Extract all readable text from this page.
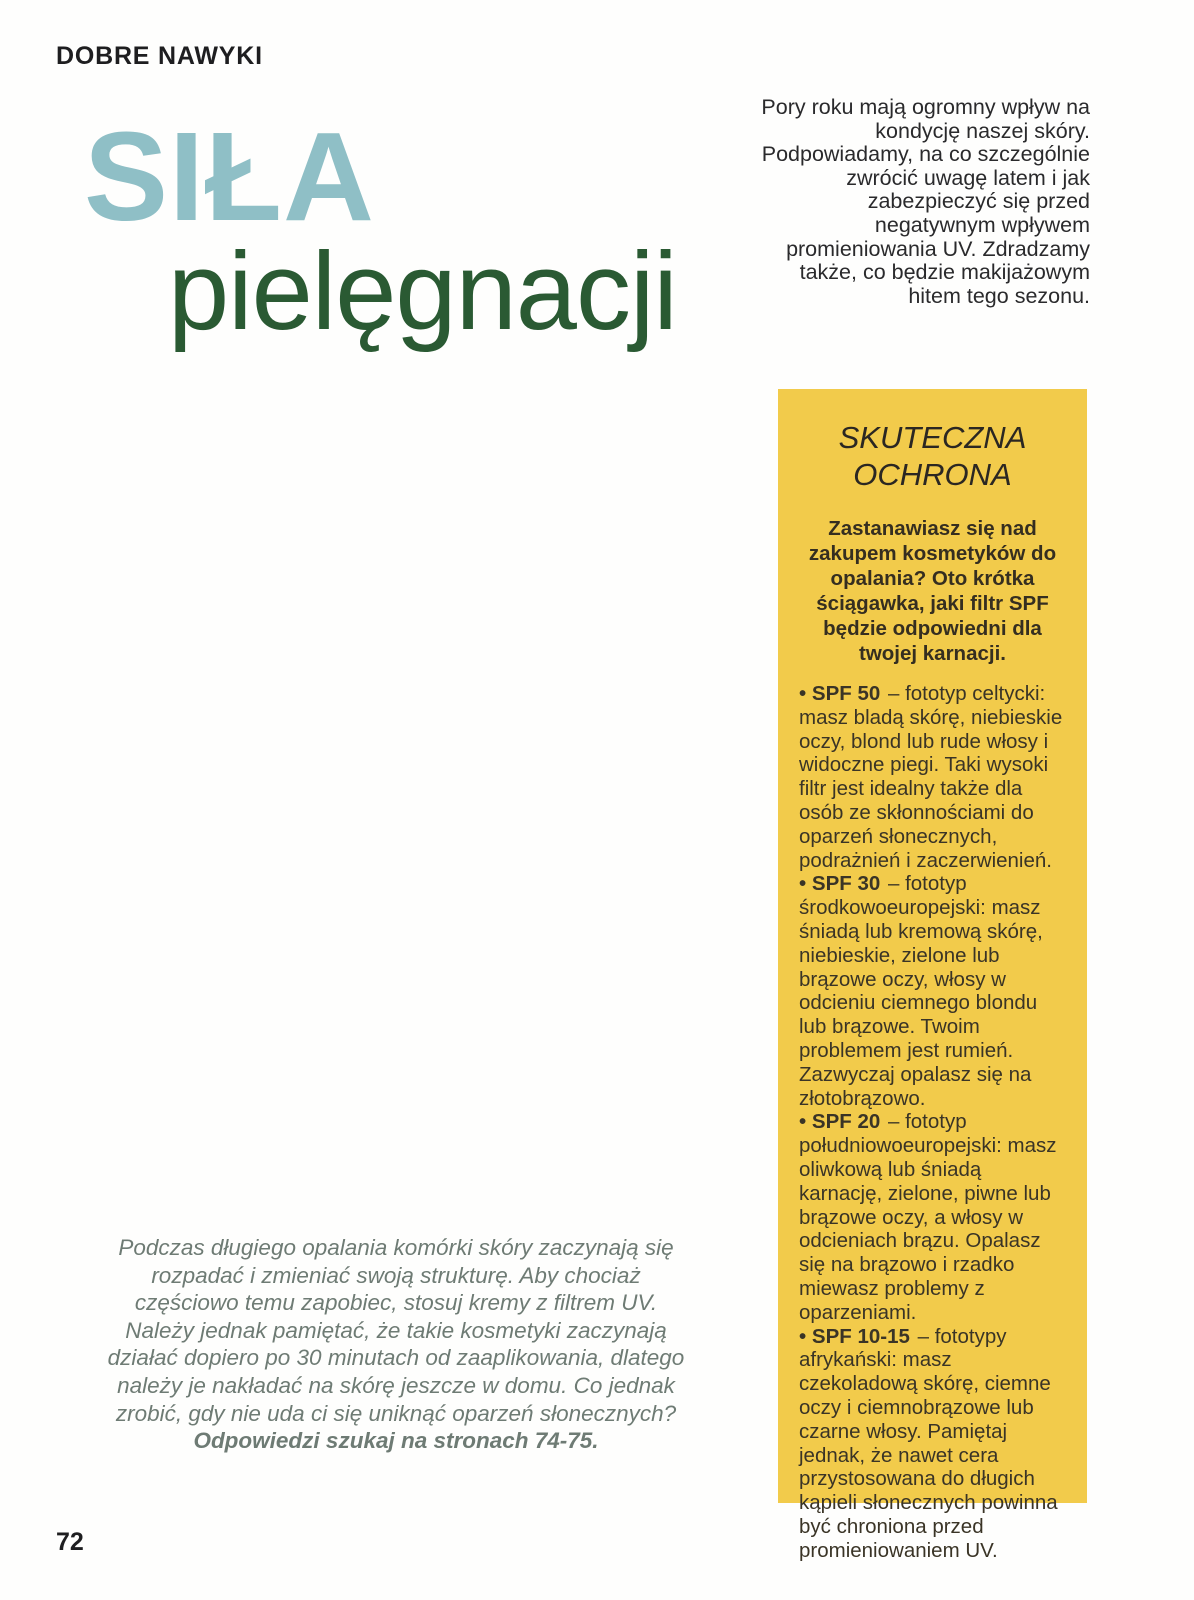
DOBRE NAWYKI
SIŁA
pielęgnacji

Pory roku mają ogromny wpływ na kondycję naszej skóry. Podpowiadamy, na co szczególnie zwrócić uwagę latem i jak zabezpieczyć się przed negatywnym wpływem promieniowania UV. Zdradzamy także, co będzie makijażowym hitem tego sezonu.

SKUTECZNA
OCHRONA

Zastanawiasz się nad zakupem kosmetyków do opalania? Oto krótka ściągawka, jaki filtr SPF będzie odpowiedni dla twojej karnacji.

• SPF 50 – fototyp celtycki: masz bladą skórę, niebieskie oczy, blond lub rude włosy i widoczne piegi. Taki wysoki filtr jest idealny także dla osób ze skłonnościami do oparzeń słonecznych, podrażnień i zaczerwienień.

• SPF 30 – fototyp środkowoeuropejski: masz śniadą lub kremową skórę, niebieskie, zielone lub brązowe oczy, włosy w odcieniu ciemnego blondu lub brązowe. Twoim problemem jest rumień. Zazwyczaj opalasz się na złotobrązowo.

• SPF 20 – fototyp południowoeuropejski: masz oliwkową lub śniadą karnację, zielone, piwne lub brązowe oczy, a włosy w odcieniach brązu. Opalasz się na brązowo i rzadko miewasz problemy z oparzeniami.

• SPF 10-15 – fototypy afrykański: masz czekoladową skórę, ciemne oczy i ciemnobrązowe lub czarne włosy. Pamiętaj jednak, że nawet cera przystosowana do długich kąpieli słonecznych powinna być chroniona przed promieniowaniem UV.

Podczas długiego opalania komórki skóry zaczynają się rozpadać i zmieniać swoją strukturę. Aby chociaż częściowo temu zapobiec, stosuj kremy z filtrem UV. Należy jednak pamiętać, że takie kosmetyki zaczynają działać dopiero po 30 minutach od zaaplikowania, dlatego należy je nakładać na skórę jeszcze w domu. Co jednak zrobić, gdy nie uda ci się uniknąć oparzeń słonecznych? Odpowiedzi szukaj na stronach 74-75.

72
